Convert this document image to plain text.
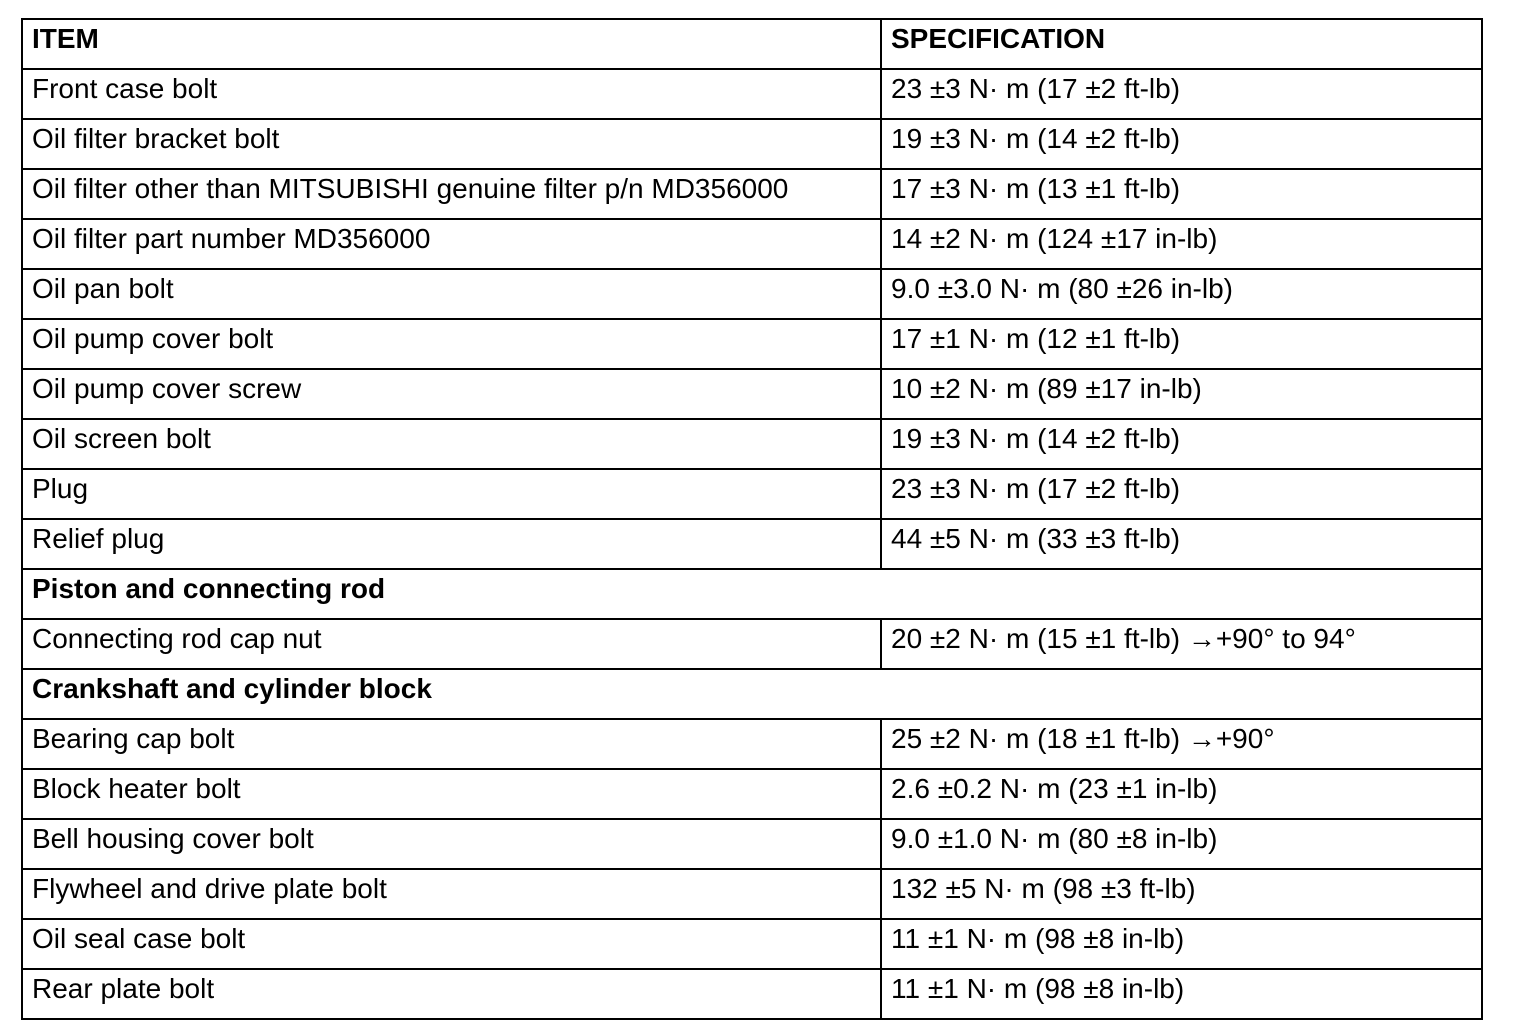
ITEM	SPECIFICATION
Front case bolt	23 ±3 N· m (17 ±2 ft-lb)
Oil filter bracket bolt	19 ±3 N· m (14 ±2 ft-lb)
Oil filter other than MITSUBISHI genuine filter p/n MD356000	17 ±3 N· m (13 ±1 ft-lb)
Oil filter part number MD356000	14 ±2 N· m (124 ±17 in-lb)
Oil pan bolt	9.0 ±3.0 N· m (80 ±26 in-lb)
Oil pump cover bolt	17 ±1 N· m (12 ±1 ft-lb)
Oil pump cover screw	10 ±2 N· m (89 ±17 in-lb)
Oil screen bolt	19 ±3 N· m (14 ±2 ft-lb)
Plug	23 ±3 N· m (17 ±2 ft-lb)
Relief plug	44 ±5 N· m (33 ±3 ft-lb)
Piston and connecting rod	
Connecting rod cap nut	20 ±2 N· m (15 ±1 ft-lb) →+90° to 94°
Crankshaft and cylinder block	
Bearing cap bolt	25 ±2 N· m (18 ±1 ft-lb) →+90°
Block heater bolt	2.6 ±0.2 N· m (23 ±1 in-lb)
Bell housing cover bolt	9.0 ±1.0 N· m (80 ±8 in-lb)
Flywheel and drive plate bolt	132 ±5 N· m (98 ±3 ft-lb)
Oil seal case bolt	11 ±1 N· m (98 ±8 in-lb)
Rear plate bolt	11 ±1 N· m (98 ±8 in-lb)
